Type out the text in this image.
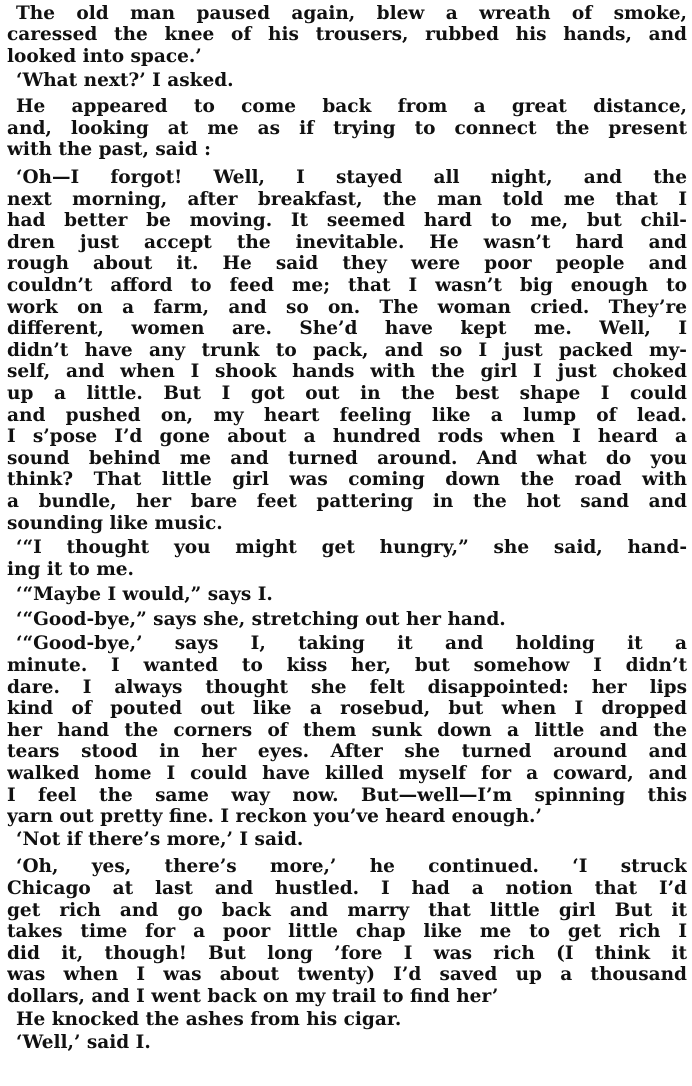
The old man paused again, blew a wreath of smoke,
caressed the knee of his trousers, rubbed his hands, and
looked into space.’
‘What next?’ I asked.
He appeared to come back from a great distance,
and, looking at me as if trying to connect the present
with the past, said :
‘Oh—I forgot! Well, I stayed all night, and the
next morning, after breakfast, the man told me that I
had better be moving. It seemed hard to me, but chil-
dren just accept the inevitable. He wasn’t hard and
rough about it. He said they were poor people and
couldn’t afford to feed me; that I wasn’t big enough to
work on a farm, and so on. The woman cried. They’re
different, women are. She’d have kept me. Well, I
didn’t have any trunk to pack, and so I just packed my-
self, and when I shook hands with the girl I just choked
up a little. But I got out in the best shape I could
and pushed on, my heart feeling like a lump of lead.
I s’pose I’d gone about a hundred rods when I heard a
sound behind me and turned around. And what do you
think? That little girl was coming down the road with
a bundle, her bare feet pattering in the hot sand and
sounding like music.
‘“I thought you might get hungry,” she said, hand-
ing it to me.
‘“Maybe I would,” says I.
‘“Good-bye,” says she, stretching out her hand.
‘“Good-bye,’ says I, taking it and holding it a
minute. I wanted to kiss her, but somehow I didn’t
dare. I always thought she felt disappointed: her lips
kind of pouted out like a rosebud, but when I dropped
her hand the corners of them sunk down a little and the
tears stood in her eyes. After she turned around and
walked home I could have killed myself for a coward, and
I feel the same way now. But—well—I’m spinning this
yarn out pretty fine. I reckon you’ve heard enough.’
‘Not if there’s more,’ I said.
‘Oh, yes, there’s more,’ he continued. ‘I struck
Chicago at last and hustled. I had a notion that I’d
get rich and go back and marry that little girl But it
takes time for a poor little chap like me to get rich I
did it, though! But long ’fore I was rich (I think it
was when I was about twenty) I’d saved up a thousand
dollars, and I went back on my trail to find her’
He knocked the ashes from his cigar.
‘Well,’ said I.
